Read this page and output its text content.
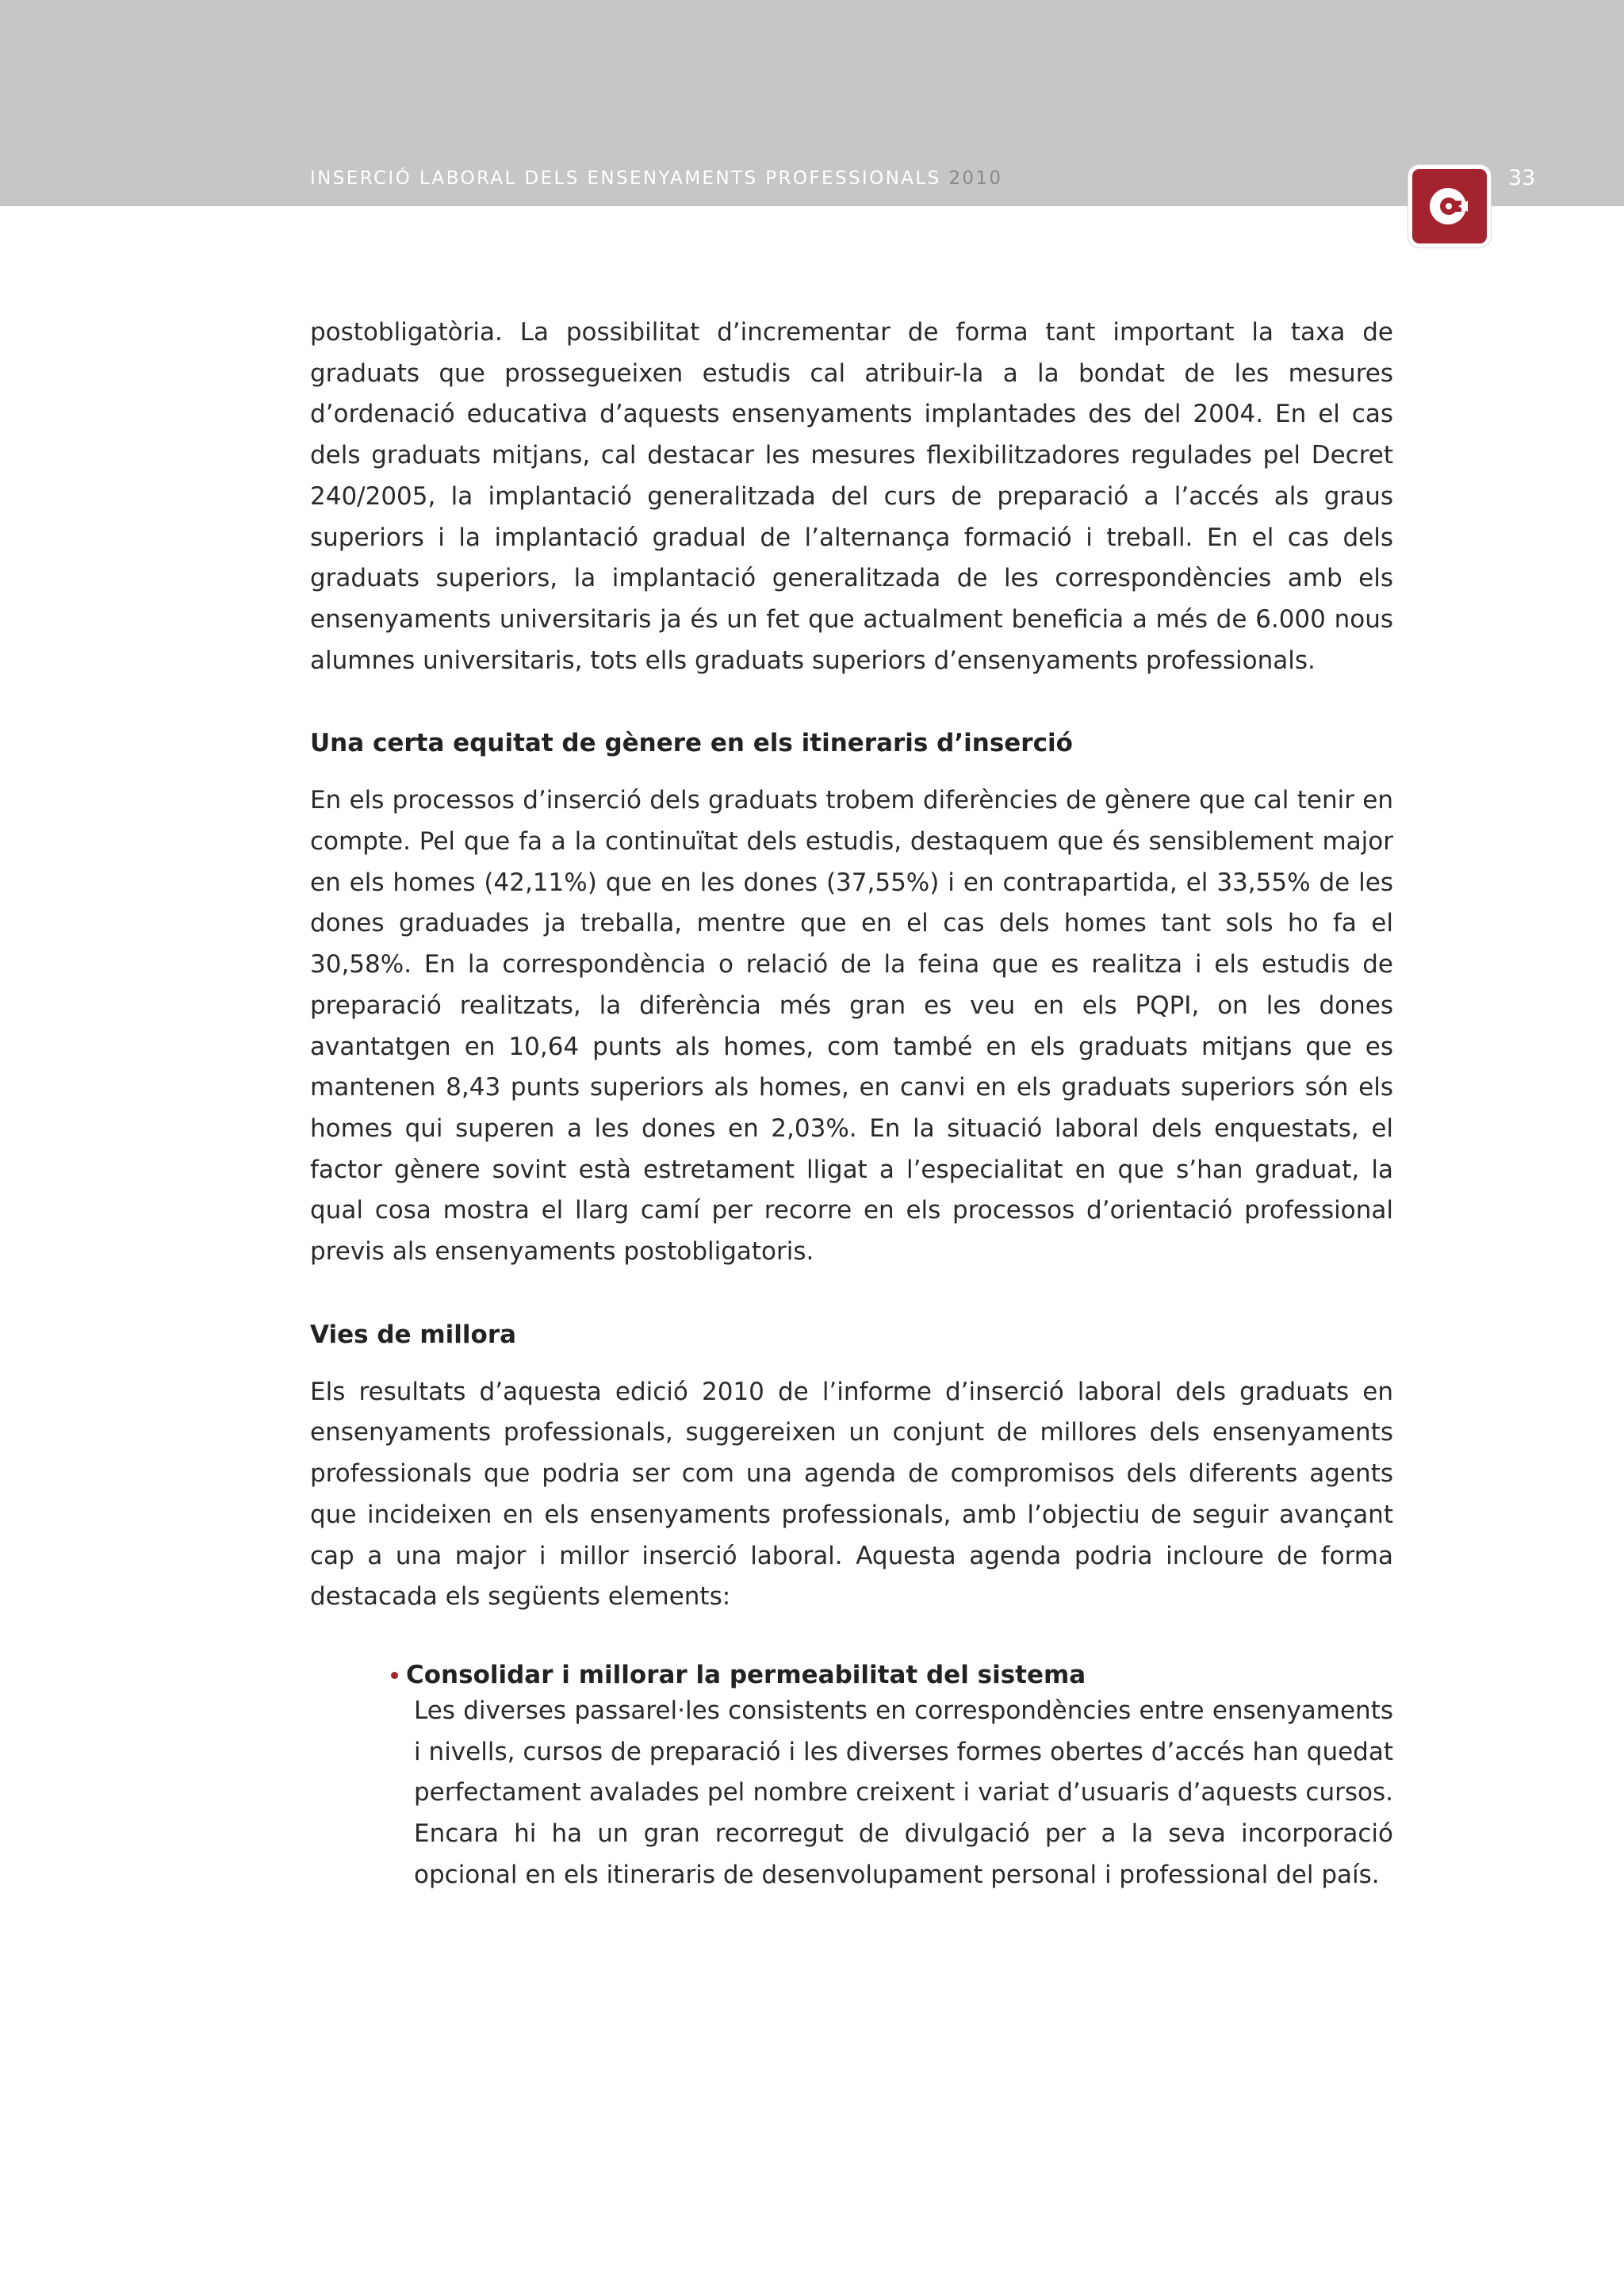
INSERCIÓ LABORAL DELS ENSENYAMENTS PROFESSIONALS 2010	33

postobligatòria. La possibilitat d’incrementar de forma tant important la taxa de graduats que prossegueixen estudis cal atribuir-la a la bondat de les mesures d’ordenació educativa d’aquests ensenyaments implantades des del 2004. En el cas dels graduats mitjans, cal destacar les mesures flexibilitzadores regulades pel Decret 240/2005, la implantació generalitzada del curs de preparació a l’accés als graus superiors i la implantació gradual de l’alternança formació i treball. En el cas dels graduats superiors, la implantació generalitzada de les correspondències amb els ensenyaments universitaris ja és un fet que actualment beneficia a més de 6.000 nous alumnes universitaris, tots ells graduats superiors d’ensenyaments professionals.

Una certa equitat de gènere en els itineraris d’inserció

En els processos d’inserció dels graduats trobem diferències de gènere que cal tenir en compte. Pel que fa a la continuïtat dels estudis, destaquem que és sensiblement major en els homes (42,11%) que en les dones (37,55%) i en contrapartida, el 33,55% de les dones graduades ja treballa, mentre que en el cas dels homes tant sols ho fa el 30,58%. En la correspondència o relació de la feina que es realitza i els estudis de preparació realitzats, la diferència més gran es veu en els PQPI, on les dones avantatgen en 10,64 punts als homes, com també en els graduats mitjans que es mantenen 8,43 punts superiors als homes, en canvi en els graduats superiors són els homes qui superen a les dones en 2,03%. En la situació laboral dels enquestats, el factor gènere sovint està estretament lligat a l’especialitat en que s’han graduat, la qual cosa mostra el llarg camí per recorre en els processos d’orientació professional previs als ensenyaments postobligatoris.

Vies de millora

Els resultats d’aquesta edició 2010 de l’informe d’inserció laboral dels graduats en ensenyaments professionals, suggereixen un conjunt de millores dels ensenyaments professionals que podria ser com una agenda de compromisos dels diferents agents que incideixen en els ensenyaments professionals, amb l’objectiu de seguir avançant cap a una major i millor inserció laboral. Aquesta agenda podria incloure de forma destacada els següents elements:

Consolidar i millorar la permeabilitat del sistema

Les diverses passarel·les consistents en correspondències entre ensenyaments i nivells, cursos de preparació i les diverses formes obertes d’accés han quedat perfectament avalades pel nombre creixent i variat d’usuaris d’aquests cursos. Encara hi ha un gran recorregut de divulgació per a la seva incorporació opcional en els itineraris de desenvolupament personal i professional del país.
